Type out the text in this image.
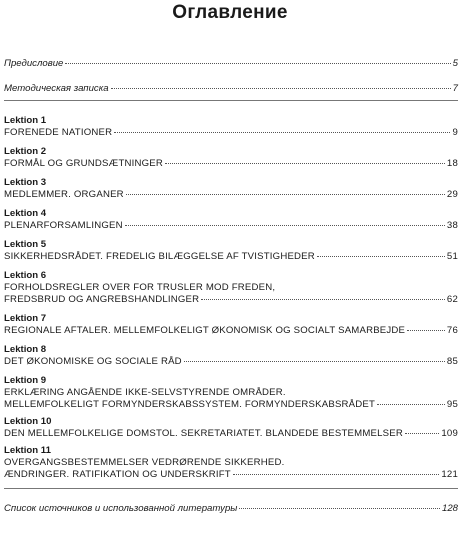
Оглавление
Предисловие	5
Методическая записка	7
Lektion 1
FORENEDE NATIONER	9
Lektion 2
FORMÅL OG GRUNDSÆTNINGER	18
Lektion 3
MEDLEMMER. ORGANER	29
Lektion 4
PLENARFORSAMLINGEN	38
Lektion 5
SIKKERHEDSRÅDET. FREDELIG BILÆGGELSE AF TVISTIGHEDER	51
Lektion 6
FORHOLDSREGLER OVER FOR TRUSLER MOD FREDEN,
FREDSBRUD OG ANGREBSHANDLINGER	62
Lektion 7
REGIONALE AFTALER. MELLEMFOLKELIGT ØKONOMISK OG SOCIALT SAMARBEJDE	76
Lektion 8
DET ØKONOMISKE OG SOCIALE RÅD	85
Lektion 9
ERKLÆRING ANGÅENDE IKKE-SELVSTYRENDE OMRÅDER.
MELLEMFOLKELIGT FORMYNDERSKABSSYSTEM. FORMYNDERSKABSRÅDET	95
Lektion 10
DEN MELLEMFOLKELIGE DOMSTOL. SEKRETARIATET. BLANDEDE BESTEMMELSER	109
Lektion 11
OVERGANGSBESTEMMELSER VEDRØRENDE SIKKERHED.
ÆNDRINGER. RATIFIKATION OG UNDERSKRIFT	121
Список источников и использованной литературы	128
